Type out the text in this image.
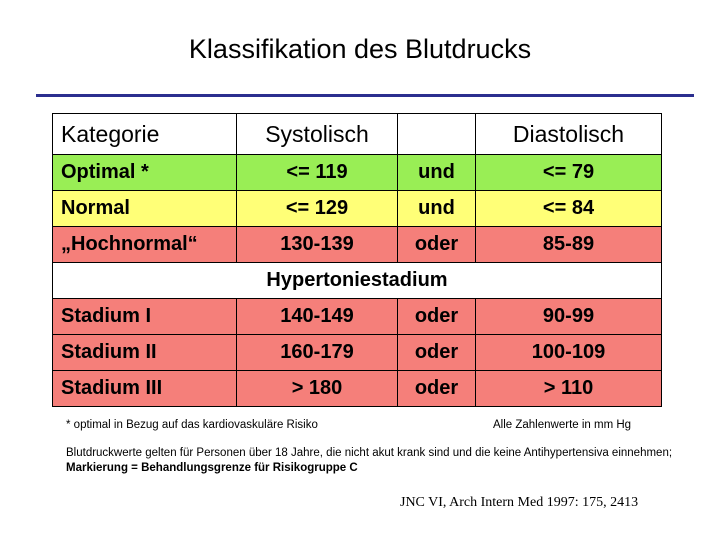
Klassifikation des Blutdrucks
Kategorie	Systolisch		Diastolisch
Optimal *	<= 119	und	<= 79
Normal	<= 129	und	<= 84
„Hochnormal“	130-139	oder	85-89
Hypertoniestadium			
Stadium I	140-149	oder	90-99
Stadium II	160-179	oder	100-109
Stadium III	> 180	oder	> 110
* optimal in Bezug auf das kardiovaskuläre Risiko	Alle Zahlenwerte in mm Hg
Blutdruckwerte gelten für Personen über 18 Jahre, die nicht akut krank sind und die keine Antihypertensiva einnehmen; Markierung = Behandlungsgrenze für Risikogruppe C
JNC VI, Arch Intern Med 1997: 175, 2413
